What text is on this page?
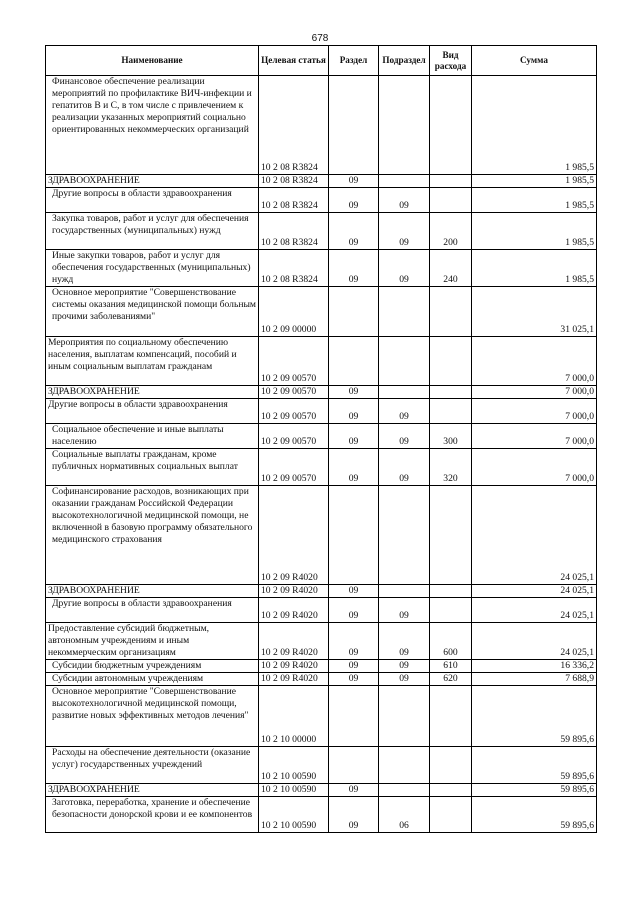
678
Наименование	Целевая статья	Раздел	Подраздел	Вид расхода	Сумма
Финансовое обеспечение реализации мероприятий по профилактике ВИЧ-инфекции и гепатитов B и C, в том числе с привлечением к реализации указанных мероприятий социально ориентированных некоммерческих организаций	10 2 08 R3824				1 985,5
ЗДРАВООХРАНЕНИЕ	10 2 08 R3824	09			1 985,5
Другие вопросы в области здравоохранения	10 2 08 R3824	09	09		1 985,5
Закупка товаров, работ и услуг для обеспечения государственных (муниципальных) нужд	10 2 08 R3824	09	09	200	1 985,5
Иные закупки товаров, работ и услуг для обеспечения государственных (муниципальных) нужд	10 2 08 R3824	09	09	240	1 985,5
Основное мероприятие "Совершенствование системы оказания медицинской помощи больным прочими заболеваниями"	10 2 09 00000				31 025,1
Мероприятия по социальному обеспечению населения, выплатам компенсаций, пособий и иным социальным выплатам гражданам	10 2 09 00570				7 000,0
ЗДРАВООХРАНЕНИЕ	10 2 09 00570	09			7 000,0
Другие вопросы в области здравоохранения	10 2 09 00570	09	09		7 000,0
Социальное обеспечение и иные выплаты населению	10 2 09 00570	09	09	300	7 000,0
Социальные выплаты гражданам, кроме публичных нормативных социальных выплат	10 2 09 00570	09	09	320	7 000,0
Софинансирование расходов, возникающих при оказании гражданам Российской Федерации высокотехнологичной медицинской помощи, не включенной в базовую программу обязательного медицинского страхования	10 2 09 R4020				24 025,1
ЗДРАВООХРАНЕНИЕ	10 2 09 R4020	09			24 025,1
Другие вопросы в области здравоохранения	10 2 09 R4020	09	09		24 025,1
Предоставление субсидий бюджетным, автономным учреждениям и иным некоммерческим организациям	10 2 09 R4020	09	09	600	24 025,1
Субсидии бюджетным учреждениям	10 2 09 R4020	09	09	610	16 336,2
Субсидии автономным учреждениям	10 2 09 R4020	09	09	620	7 688,9
Основное мероприятие "Совершенствование высокотехнологичной медицинской помощи, развитие новых эффективных методов лечения"	10 2 10 00000				59 895,6
Расходы на обеспечение деятельности (оказание услуг) государственных учреждений	10 2 10 00590				59 895,6
ЗДРАВООХРАНЕНИЕ	10 2 10 00590	09			59 895,6
Заготовка, переработка, хранение и обеспечение безопасности донорской крови и ее компонентов	10 2 10 00590	09	06		59 895,6
